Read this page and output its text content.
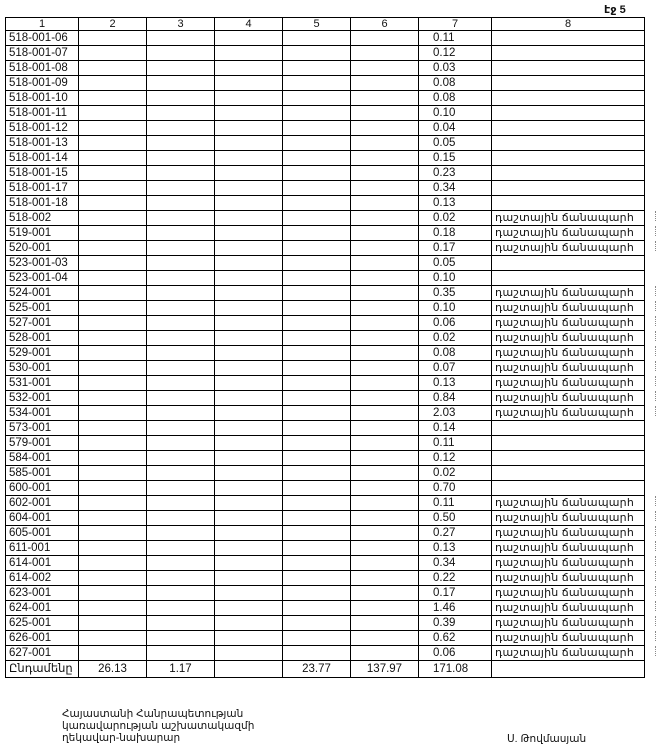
էջ 5
1	2	3	4	5	6	7	8
518-001-06						0.11	
518-001-07						0.12	
518-001-08						0.03	
518-001-09						0.08	
518-001-10						0.08	
518-001-11						0.10	
518-001-12						0.04	
518-001-13						0.05	
518-001-14						0.15	
518-001-15						0.23	
518-001-17						0.34	
518-001-18						0.13	
518-002						0.02	դաշտային ճանապարհ
519-001						0.18	դաշտային ճանապարհ
520-001						0.17	դաշտային ճանապարհ
523-001-03						0.05	
523-001-04						0.10	
524-001						0.35	դաշտային ճանապարհ
525-001						0.10	դաշտային ճանապարհ
527-001						0.06	դաշտային ճանապարհ
528-001						0.02	դաշտային ճանապարհ
529-001						0.08	դաշտային ճանապարհ
530-001						0.07	դաշտային ճանապարհ
531-001						0.13	դաշտային ճանապարհ
532-001						0.84	դաշտային ճանապարհ
534-001						2.03	դաշտային ճանապարհ
573-001						0.14	
579-001						0.11	
584-001						0.12	
585-001						0.02	
600-001						0.70	
602-001						0.11	դաշտային ճանապարհ
604-001						0.50	դաշտային ճանապարհ
605-001						0.27	դաշտային ճանապարհ
611-001						0.13	դաշտային ճանապարհ
614-001						0.34	դաշտային ճանապարհ
614-002						0.22	դաշտային ճանապարհ
623-001						0.17	դաշտային ճանապարհ
624-001						1.46	դաշտային ճանապարհ
625-001						0.39	դաշտային ճանապարհ
626-001						0.62	դաշտային ճանապարհ
627-001						0.06	դաշտային ճանապարհ
Ընդամենը	26.13	1.17		23.77	137.97	171.08	
Հայաստանի Հանրապետության
կառավարության աշխատակազմի
ղեկավար-նախարար	Ս. Թովմասյան
